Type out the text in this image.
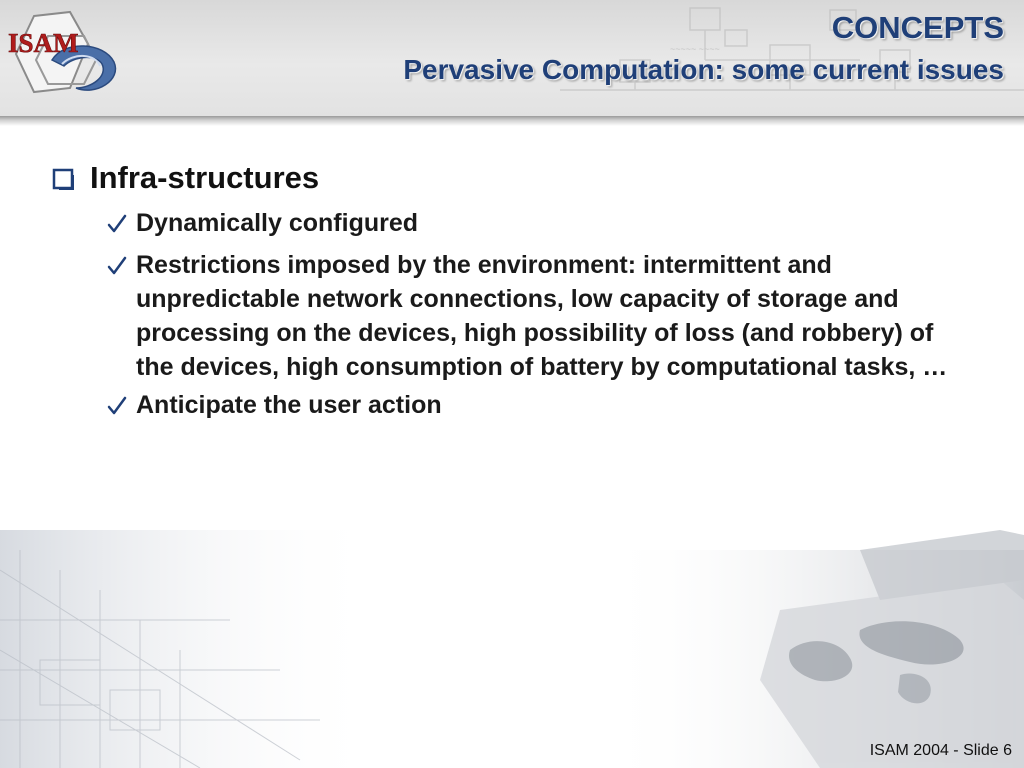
~~~~~ ~~~~
ISAM	CONCEPTS
Pervasive Computation: some current issues
Infra-structures
Dynamically configured
Restrictions imposed by the environment: intermittent and unpredictable network connections, low capacity of storage and processing on the devices, high possibility of loss (and robbery) of the devices, high consumption of battery by computational tasks, …
Anticipate the user action
ISAM 2004 - Slide 6
